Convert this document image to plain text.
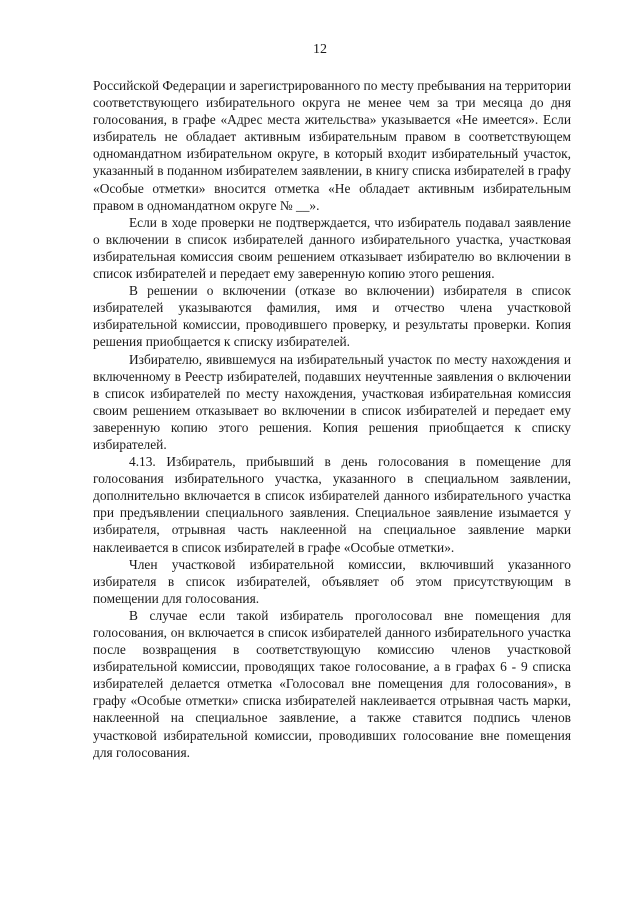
12

Российской Федерации и зарегистрированного по месту пребывания на территории соответствующего избирательного округа не менее чем за три месяца до дня голосования, в графе «Адрес места жительства» указывается «Не имеется». Если избиратель не обладает активным избирательным правом в соответствующем одномандатном избирательном округе, в который входит избирательный участок, указанный в поданном избирателем заявлении, в книгу списка избирателей в графу «Особые отметки» вносится отметка «Не обладает активным избирательным правом в одномандатном округе № __».

Если в ходе проверки не подтверждается, что избиратель подавал заявление о включении в список избирателей данного избирательного участка, участковая избирательная комиссия своим решением отказывает избирателю во включении в список избирателей и передает ему заверенную копию этого решения.

В решении о включении (отказе во включении) избирателя в список избирателей указываются фамилия, имя и отчество члена участковой избирательной комиссии, проводившего проверку, и результаты проверки. Копия решения приобщается к списку избирателей.

Избирателю, явившемуся на избирательный участок по месту нахождения и включенному в Реестр избирателей, подавших неучтенные заявления о включении в список избирателей по месту нахождения, участковая избирательная комиссия своим решением отказывает во включении в список избирателей и передает ему заверенную копию этого решения. Копия решения приобщается к списку избирателей.

4.13. Избиратель, прибывший в день голосования в помещение для голосования избирательного участка, указанного в специальном заявлении, дополнительно включается в список избирателей данного избирательного участка при предъявлении специального заявления. Специальное заявление изымается у избирателя, отрывная часть наклеенной на специальное заявление марки наклеивается в список избирателей в графе «Особые отметки».

Член участковой избирательной комиссии, включивший указанного избирателя в список избирателей, объявляет об этом присутствующим в помещении для голосования.

В случае если такой избиратель проголосовал вне помещения для голосования, он включается в список избирателей данного избирательного участка после возвращения в соответствующую комиссию членов участковой избирательной комиссии, проводящих такое голосование, а в графах 6 - 9 списка избирателей делается отметка «Голосовал вне помещения для голосования», в графу «Особые отметки» списка избирателей наклеивается отрывная часть марки, наклеенной на специальное заявление, а также ставится подпись членов участковой избирательной комиссии, проводивших голосование вне помещения для голосования.
